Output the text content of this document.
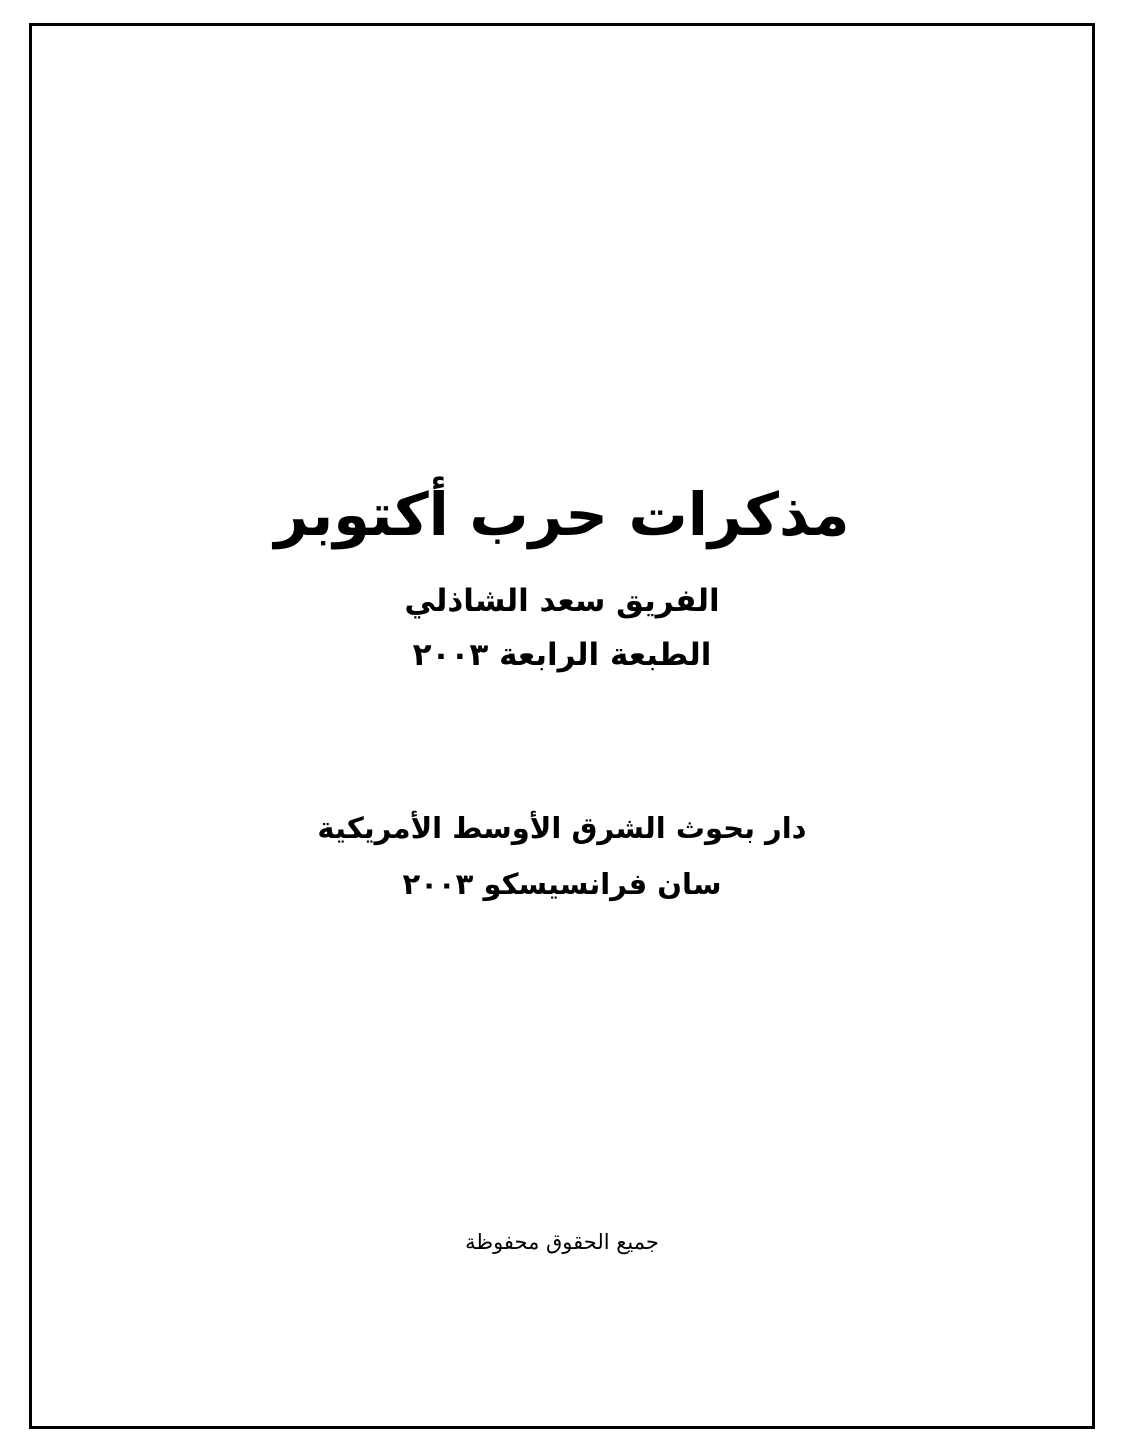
مذكرات حرب أكتوبر
الفريق سعد الشاذلي
الطبعة الرابعة ٢٠٠٣
دار بحوث الشرق الأوسط الأمريكية
سان فرانسيسكو ٢٠٠٣
جميع الحقوق محفوظة
